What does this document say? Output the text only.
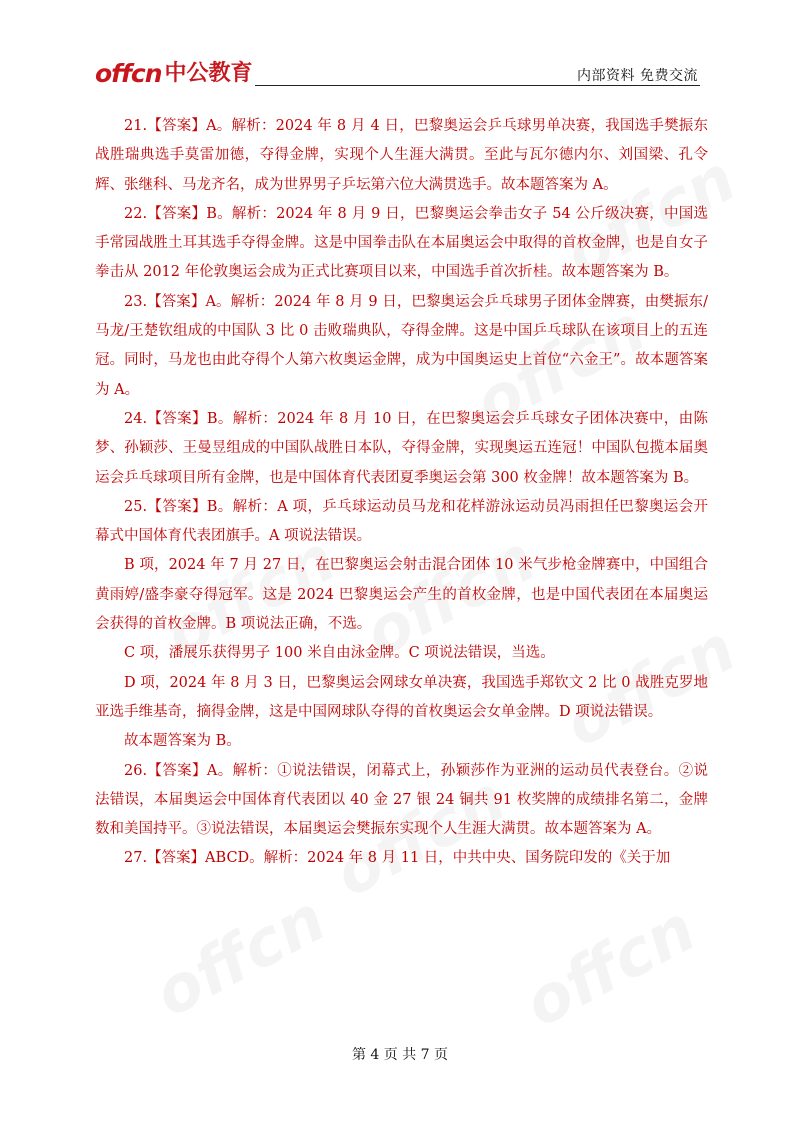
offcn 中公教育	内部资料 免费交流

21.【答案】A。解析：2024 年 8 月 4 日，巴黎奥运会乒乓球男单决赛，我国选手樊振东战胜瑞典选手莫雷加德，夺得金牌，实现个人生涯大满贯。至此与瓦尔德内尔、刘国梁、孔令辉、张继科、马龙齐名，成为世界男子乒坛第六位大满贯选手。故本题答案为 A。

22.【答案】B。解析：2024 年 8 月 9 日，巴黎奥运会拳击女子 54 公斤级决赛，中国选手常园战胜土耳其选手夺得金牌。这是中国拳击队在本届奥运会中取得的首枚金牌，也是自女子拳击从 2012 年伦敦奥运会成为正式比赛项目以来，中国选手首次折桂。故本题答案为 B。

23.【答案】A。解析：2024 年 8 月 9 日，巴黎奥运会乒乓球男子团体金牌赛，由樊振东/马龙/王楚钦组成的中国队 3 比 0 击败瑞典队，夺得金牌。这是中国乒乓球队在该项目上的五连冠。同时，马龙也由此夺得个人第六枚奥运金牌，成为中国奥运史上首位“六金王”。故本题答案为 A。

24.【答案】B。解析：2024 年 8 月 10 日，在巴黎奥运会乒乓球女子团体决赛中，由陈梦、孙颖莎、王曼昱组成的中国队战胜日本队，夺得金牌，实现奥运五连冠！中国队包揽本届奥运会乒乓球项目所有金牌，也是中国体育代表团夏季奥运会第 300 枚金牌！故本题答案为 B。

25.【答案】B。解析：A 项，乒乓球运动员马龙和花样游泳运动员冯雨担任巴黎奥运会开幕式中国体育代表团旗手。A 项说法错误。

B 项，2024 年 7 月 27 日，在巴黎奥运会射击混合团体 10 米气步枪金牌赛中，中国组合黄雨婷/盛李豪夺得冠军。这是 2024 巴黎奥运会产生的首枚金牌，也是中国代表团在本届奥运会获得的首枚金牌。B 项说法正确，不选。

C 项，潘展乐获得男子 100 米自由泳金牌。C 项说法错误，当选。

D 项，2024 年 8 月 3 日，巴黎奥运会网球女单决赛，我国选手郑钦文 2 比 0 战胜克罗地亚选手维基奇，摘得金牌，这是中国网球队夺得的首枚奥运会女单金牌。D 项说法错误。

故本题答案为 B。

26.【答案】A。解析：①说法错误，闭幕式上，孙颖莎作为亚洲的运动员代表登台。②说法错误，本届奥运会中国体育代表团以 40 金 27 银 24 铜共 91 枚奖牌的成绩排名第二，金牌数和美国持平。③说法错误，本届奥运会樊振东实现个人生涯大满贯。故本题答案为 A。

27.【答案】ABCD。解析：2024 年 8 月 11 日，中共中央、国务院印发的《关于加

第 4 页 共 7 页
